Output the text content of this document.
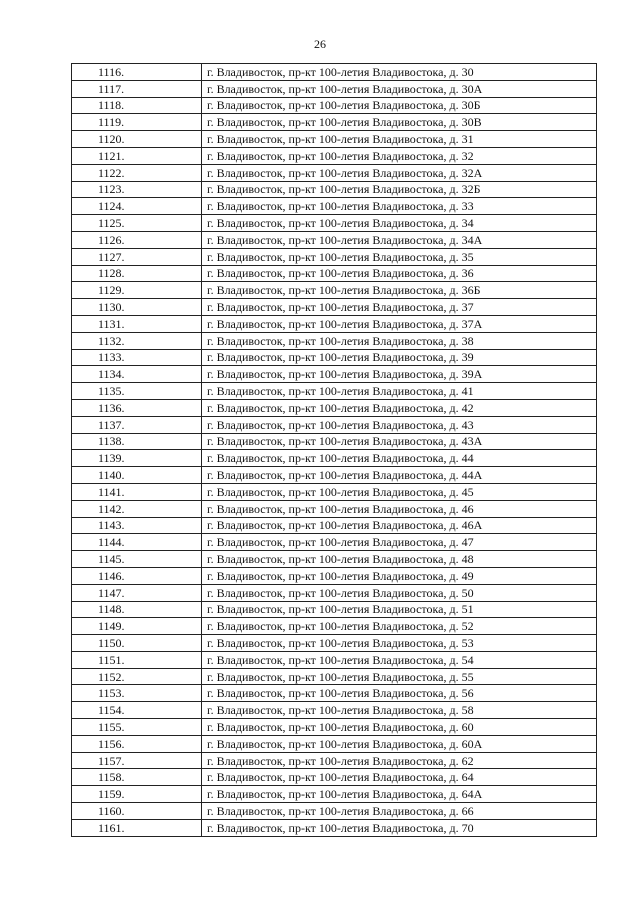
26
1116.	г. Владивосток, пр-кт 100-летия Владивостока, д. 30
1117.	г. Владивосток, пр-кт 100-летия Владивостока, д. 30А
1118.	г. Владивосток, пр-кт 100-летия Владивостока, д. 30Б
1119.	г. Владивосток, пр-кт 100-летия Владивостока, д. 30В
1120.	г. Владивосток, пр-кт 100-летия Владивостока, д. 31
1121.	г. Владивосток, пр-кт 100-летия Владивостока, д. 32
1122.	г. Владивосток, пр-кт 100-летия Владивостока, д. 32А
1123.	г. Владивосток, пр-кт 100-летия Владивостока, д. 32Б
1124.	г. Владивосток, пр-кт 100-летия Владивостока, д. 33
1125.	г. Владивосток, пр-кт 100-летия Владивостока, д. 34
1126.	г. Владивосток, пр-кт 100-летия Владивостока, д. 34А
1127.	г. Владивосток, пр-кт 100-летия Владивостока, д. 35
1128.	г. Владивосток, пр-кт 100-летия Владивостока, д. 36
1129.	г. Владивосток, пр-кт 100-летия Владивостока, д. 36Б
1130.	г. Владивосток, пр-кт 100-летия Владивостока, д. 37
1131.	г. Владивосток, пр-кт 100-летия Владивостока, д. 37А
1132.	г. Владивосток, пр-кт 100-летия Владивостока, д. 38
1133.	г. Владивосток, пр-кт 100-летия Владивостока, д. 39
1134.	г. Владивосток, пр-кт 100-летия Владивостока, д. 39А
1135.	г. Владивосток, пр-кт 100-летия Владивостока, д. 41
1136.	г. Владивосток, пр-кт 100-летия Владивостока, д. 42
1137.	г. Владивосток, пр-кт 100-летия Владивостока, д. 43
1138.	г. Владивосток, пр-кт 100-летия Владивостока, д. 43А
1139.	г. Владивосток, пр-кт 100-летия Владивостока, д. 44
1140.	г. Владивосток, пр-кт 100-летия Владивостока, д. 44А
1141.	г. Владивосток, пр-кт 100-летия Владивостока, д. 45
1142.	г. Владивосток, пр-кт 100-летия Владивостока, д. 46
1143.	г. Владивосток, пр-кт 100-летия Владивостока, д. 46А
1144.	г. Владивосток, пр-кт 100-летия Владивостока, д. 47
1145.	г. Владивосток, пр-кт 100-летия Владивостока, д. 48
1146.	г. Владивосток, пр-кт 100-летия Владивостока, д. 49
1147.	г. Владивосток, пр-кт 100-летия Владивостока, д. 50
1148.	г. Владивосток, пр-кт 100-летия Владивостока, д. 51
1149.	г. Владивосток, пр-кт 100-летия Владивостока, д. 52
1150.	г. Владивосток, пр-кт 100-летия Владивостока, д. 53
1151.	г. Владивосток, пр-кт 100-летия Владивостока, д. 54
1152.	г. Владивосток, пр-кт 100-летия Владивостока, д. 55
1153.	г. Владивосток, пр-кт 100-летия Владивостока, д. 56
1154.	г. Владивосток, пр-кт 100-летия Владивостока, д. 58
1155.	г. Владивосток, пр-кт 100-летия Владивостока, д. 60
1156.	г. Владивосток, пр-кт 100-летия Владивостока, д. 60А
1157.	г. Владивосток, пр-кт 100-летия Владивостока, д. 62
1158.	г. Владивосток, пр-кт 100-летия Владивостока, д. 64
1159.	г. Владивосток, пр-кт 100-летия Владивостока, д. 64А
1160.	г. Владивосток, пр-кт 100-летия Владивостока, д. 66
1161.	г. Владивосток, пр-кт 100-летия Владивостока, д. 70
